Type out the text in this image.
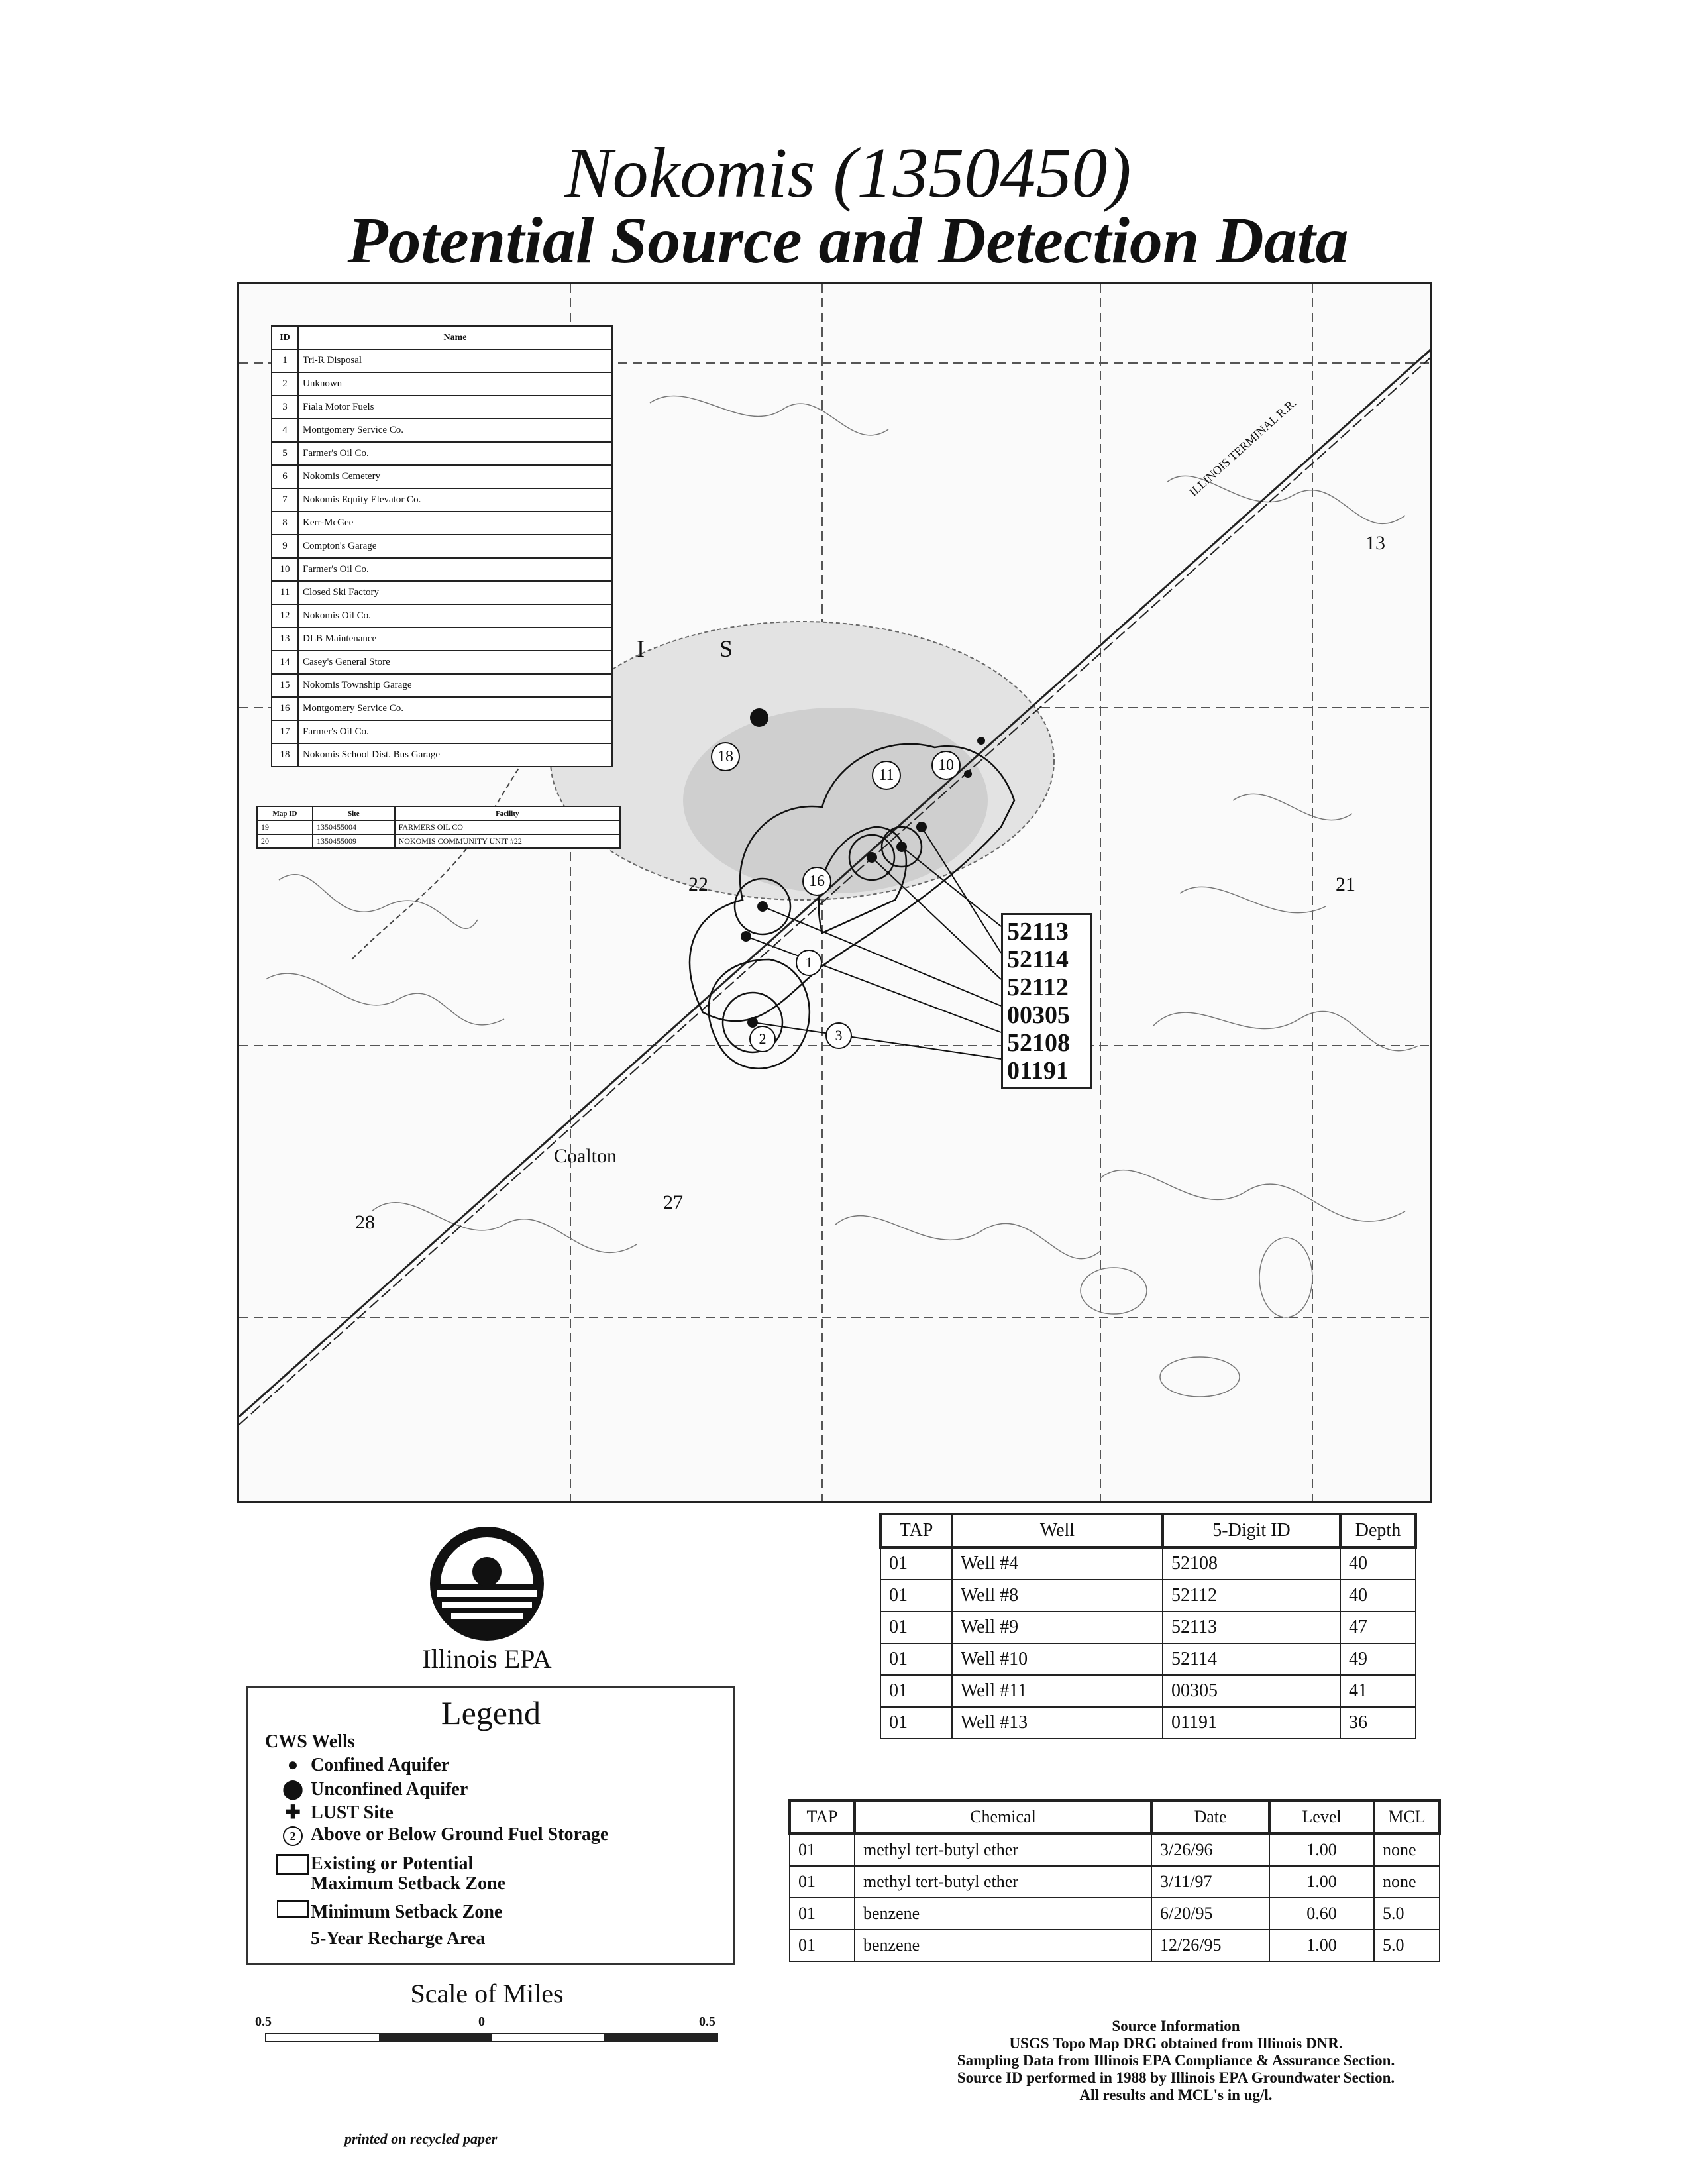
Nokomis (1350450)
Potential Source and Detection Data
18
11
10
16
1
2	3
Coalton
13
21
22
27
28
I	S
ILLINOIS TERMINAL R.R.
ID	Name
1	Tri-R Disposal
2	Unknown
3	Fiala Motor Fuels
4	Montgomery Service Co.
5	Farmer's Oil Co.
6	Nokomis Cemetery
7	Nokomis Equity Elevator Co.
8	Kerr-McGee
9	Compton's Garage
10	Farmer's Oil Co.
11	Closed Ski Factory
12	Nokomis Oil Co.
13	DLB Maintenance
14	Casey's General Store
15	Nokomis Township Garage
16	Montgomery Service Co.
17	Farmer's Oil Co.
18	Nokomis School Dist. Bus Garage
Map ID	Site	Facility
19	1350455004	FARMERS OIL CO
20	1350455009	NOKOMIS COMMUNITY UNIT #22
52113
52114
52112
00305
52108
01191
Illinois EPA
Legend
CWS Wells
● Confined Aquifer
⬤ Unconfined Aquifer
✚ LUST Site
2 Above or Below Ground Fuel Storage
Existing or Potential Maximum Setback Zone
Minimum Setback Zone
5-Year Recharge Area
Scale of Miles
0.5	0	0.5
printed on recycled paper
TAP	Well	5-Digit ID	Depth
01	Well #4	52108	40
01	Well #8	52112	40
01	Well #9	52113	47
01	Well #10	52114	49
01	Well #11	00305	41
01	Well #13	01191	36
TAP	Chemical	Date	Level	MCL
01	methyl tert-butyl ether	3/26/96	1.00	none
01	methyl tert-butyl ether	3/11/97	1.00	none
01	benzene	6/20/95	0.60	5.0
01	benzene	12/26/95	1.00	5.0
Source Information
USGS Topo Map DRG obtained from Illinois DNR.
Sampling Data from Illinois EPA Compliance & Assurance Section.
Source ID performed in 1988 by Illinois EPA Groundwater Section.
All results and MCL's in ug/l.
